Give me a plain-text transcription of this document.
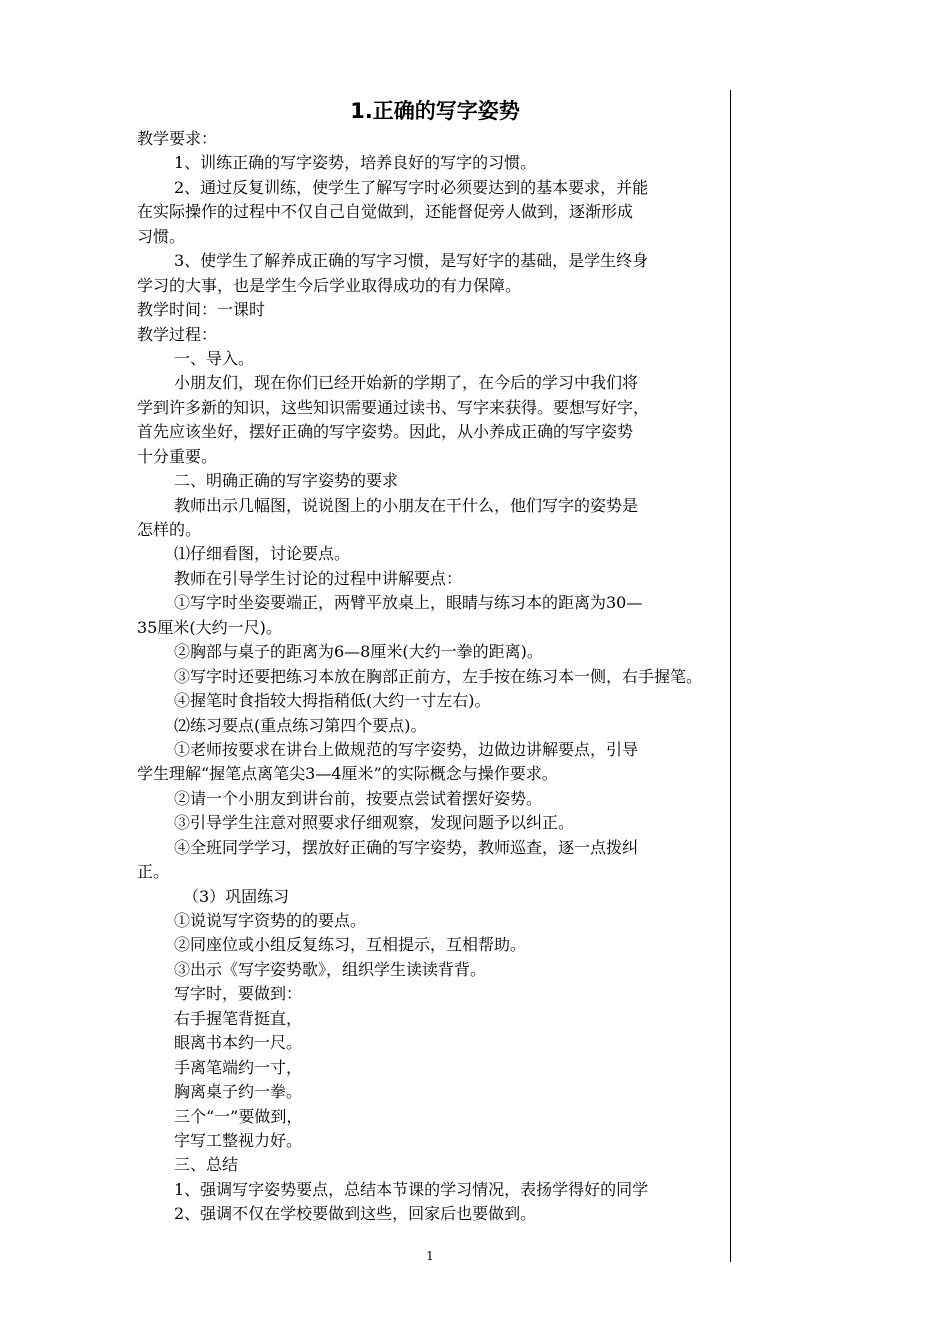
1.正确的写字姿势
教学要求：
1、训练正确的写字姿势，培养良好的写字的习惯。
2、通过反复训练，使学生了解写字时必须要达到的基本要求，并能
在实际操作的过程中不仅自己自觉做到，还能督促旁人做到，逐渐形成
习惯。
3、使学生了解养成正确的写字习惯，是写好字的基础，是学生终身
学习的大事，也是学生今后学业取得成功的有力保障。
教学时间：一课时
教学过程：
一、导入。
小朋友们，现在你们已经开始新的学期了，在今后的学习中我们将
学到许多新的知识，这些知识需要通过读书、写字来获得。要想写好字，
首先应该坐好，摆好正确的写字姿势。因此，从小养成正确的写字姿势
十分重要。
二、明确正确的写字姿势的要求
教师出示几幅图，说说图上的小朋友在干什么，他们写字的姿势是
怎样的。
⑴仔细看图，讨论要点。
教师在引导学生讨论的过程中讲解要点：
①写字时坐姿要端正，两臂平放桌上，眼睛与练习本的距离为30—
35厘米(大约一尺)。
②胸部与桌子的距离为6—8厘米(大约一拳的距离)。
③写字时还要把练习本放在胸部正前方，左手按在练习本一侧，右手握笔。
④握笔时食指较大拇指稍低(大约一寸左右)。
⑵练习要点(重点练习第四个要点)。
①老师按要求在讲台上做规范的写字姿势，边做边讲解要点，引导
学生理解“握笔点离笔尖3—4厘米”的实际概念与操作要求。
②请一个小朋友到讲台前，按要点尝试着摆好姿势。
③引导学生注意对照要求仔细观察，发现问题予以纠正。
④全班同学学习，摆放好正确的写字姿势，教师巡查，逐一点拨纠
正。
（3）巩固练习
①说说写字资势的的要点。
②同座位或小组反复练习，互相提示，互相帮助。
③出示《写字姿势歌》，组织学生读读背背。
写字时，要做到：
右手握笔背挺直，
眼离书本约一尺。
手离笔端约一寸，
胸离桌子约一拳。
三个“一”要做到，
字写工整视力好。
三、总结
1、强调写字姿势要点，总结本节课的学习情况，表扬学得好的同学
2、强调不仅在学校要做到这些，回家后也要做到。
1
